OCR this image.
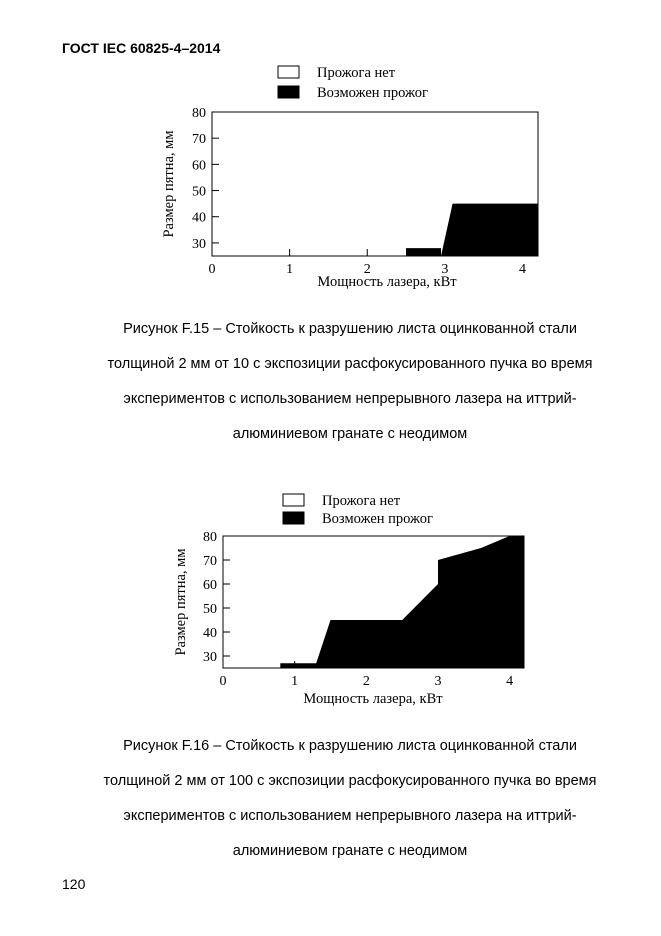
ГОСТ IEC 60825-4–2014
30
40
50
60
70
80
0	1	2	3	4
Мощность лазера, кВт
Размер пятна, мм
Прожога нет
Возможен прожог
Рисунок F.15 – Стойкость к разрушению листа оцинкованной стали
толщиной 2 мм от 10 с экспозиции расфокусированного пучка во время
экспериментов с использованием непрерывного лазера на иттрий-
алюминиевом гранате с неодимом
30
40
50
60
70
80
0	1	2	3	4
Мощность лазера, кВт
Размер пятна, мм
Прожога нет
Возможен прожог
Рисунок F.16 – Стойкость к разрушению листа оцинкованной стали
толщиной 2 мм от 100 с экспозиции расфокусированного пучка во время
экспериментов с использованием непрерывного лазера на иттрий-
алюминиевом гранате с неодимом
120
